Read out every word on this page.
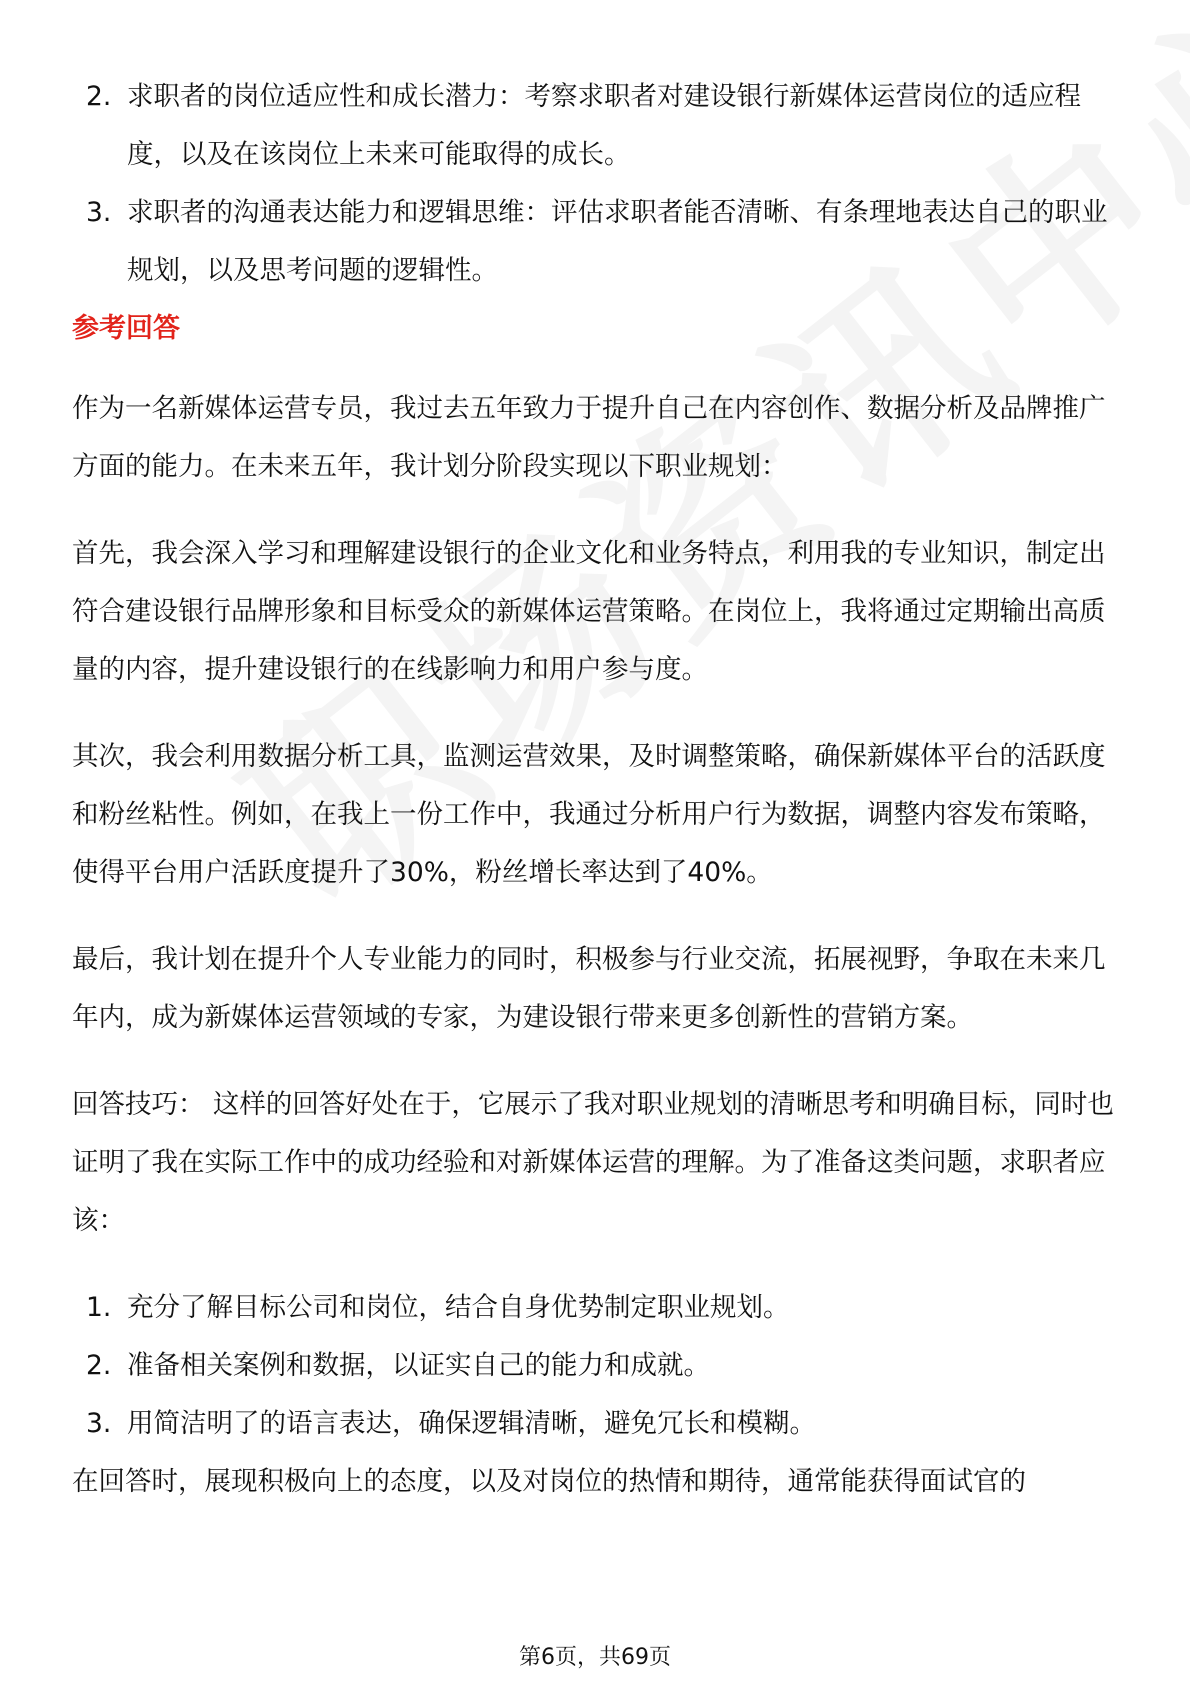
2. 求职者的岗位适应性和成长潜力：考察求职者对建设银行新媒体运营岗位的适应程度，以及在该岗位上未来可能取得的成长。
3. 求职者的沟通表达能力和逻辑思维：评估求职者能否清晰、有条理地表达自己的职业规划，以及思考问题的逻辑性。
参考回答

作为一名新媒体运营专员，我过去五年致力于提升自己在内容创作、数据分析及品牌推广方面的能力。在未来五年，我计划分阶段实现以下职业规划：

首先，我会深入学习和理解建设银行的企业文化和业务特点，利用我的专业知识，制定出符合建设银行品牌形象和目标受众的新媒体运营策略。在岗位上，我将通过定期输出高质量的内容，提升建设银行的在线影响力和用户参与度。

其次，我会利用数据分析工具，监测运营效果，及时调整策略，确保新媒体平台的活跃度和粉丝粘性。例如，在我上一份工作中，我通过分析用户行为数据，调整内容发布策略，使得平台用户活跃度提升了30%，粉丝增长率达到了40%。

最后，我计划在提升个人专业能力的同时，积极参与行业交流，拓展视野，争取在未来几年内，成为新媒体运营领域的专家，为建设银行带来更多创新性的营销方案。

回答技巧： 这样的回答好处在于，它展示了我对职业规划的清晰思考和明确目标，同时也证明了我在实际工作中的成功经验和对新媒体运营的理解。为了准备这类问题，求职者应该：

1. 充分了解目标公司和岗位，结合自身优势制定职业规划。
2. 准备相关案例和数据，以证实自己的能力和成就。
3. 用简洁明了的语言表达，确保逻辑清晰，避免冗长和模糊。

在回答时，展现积极向上的态度，以及对岗位的热情和期待，通常能获得面试官的

第6页，共69页
